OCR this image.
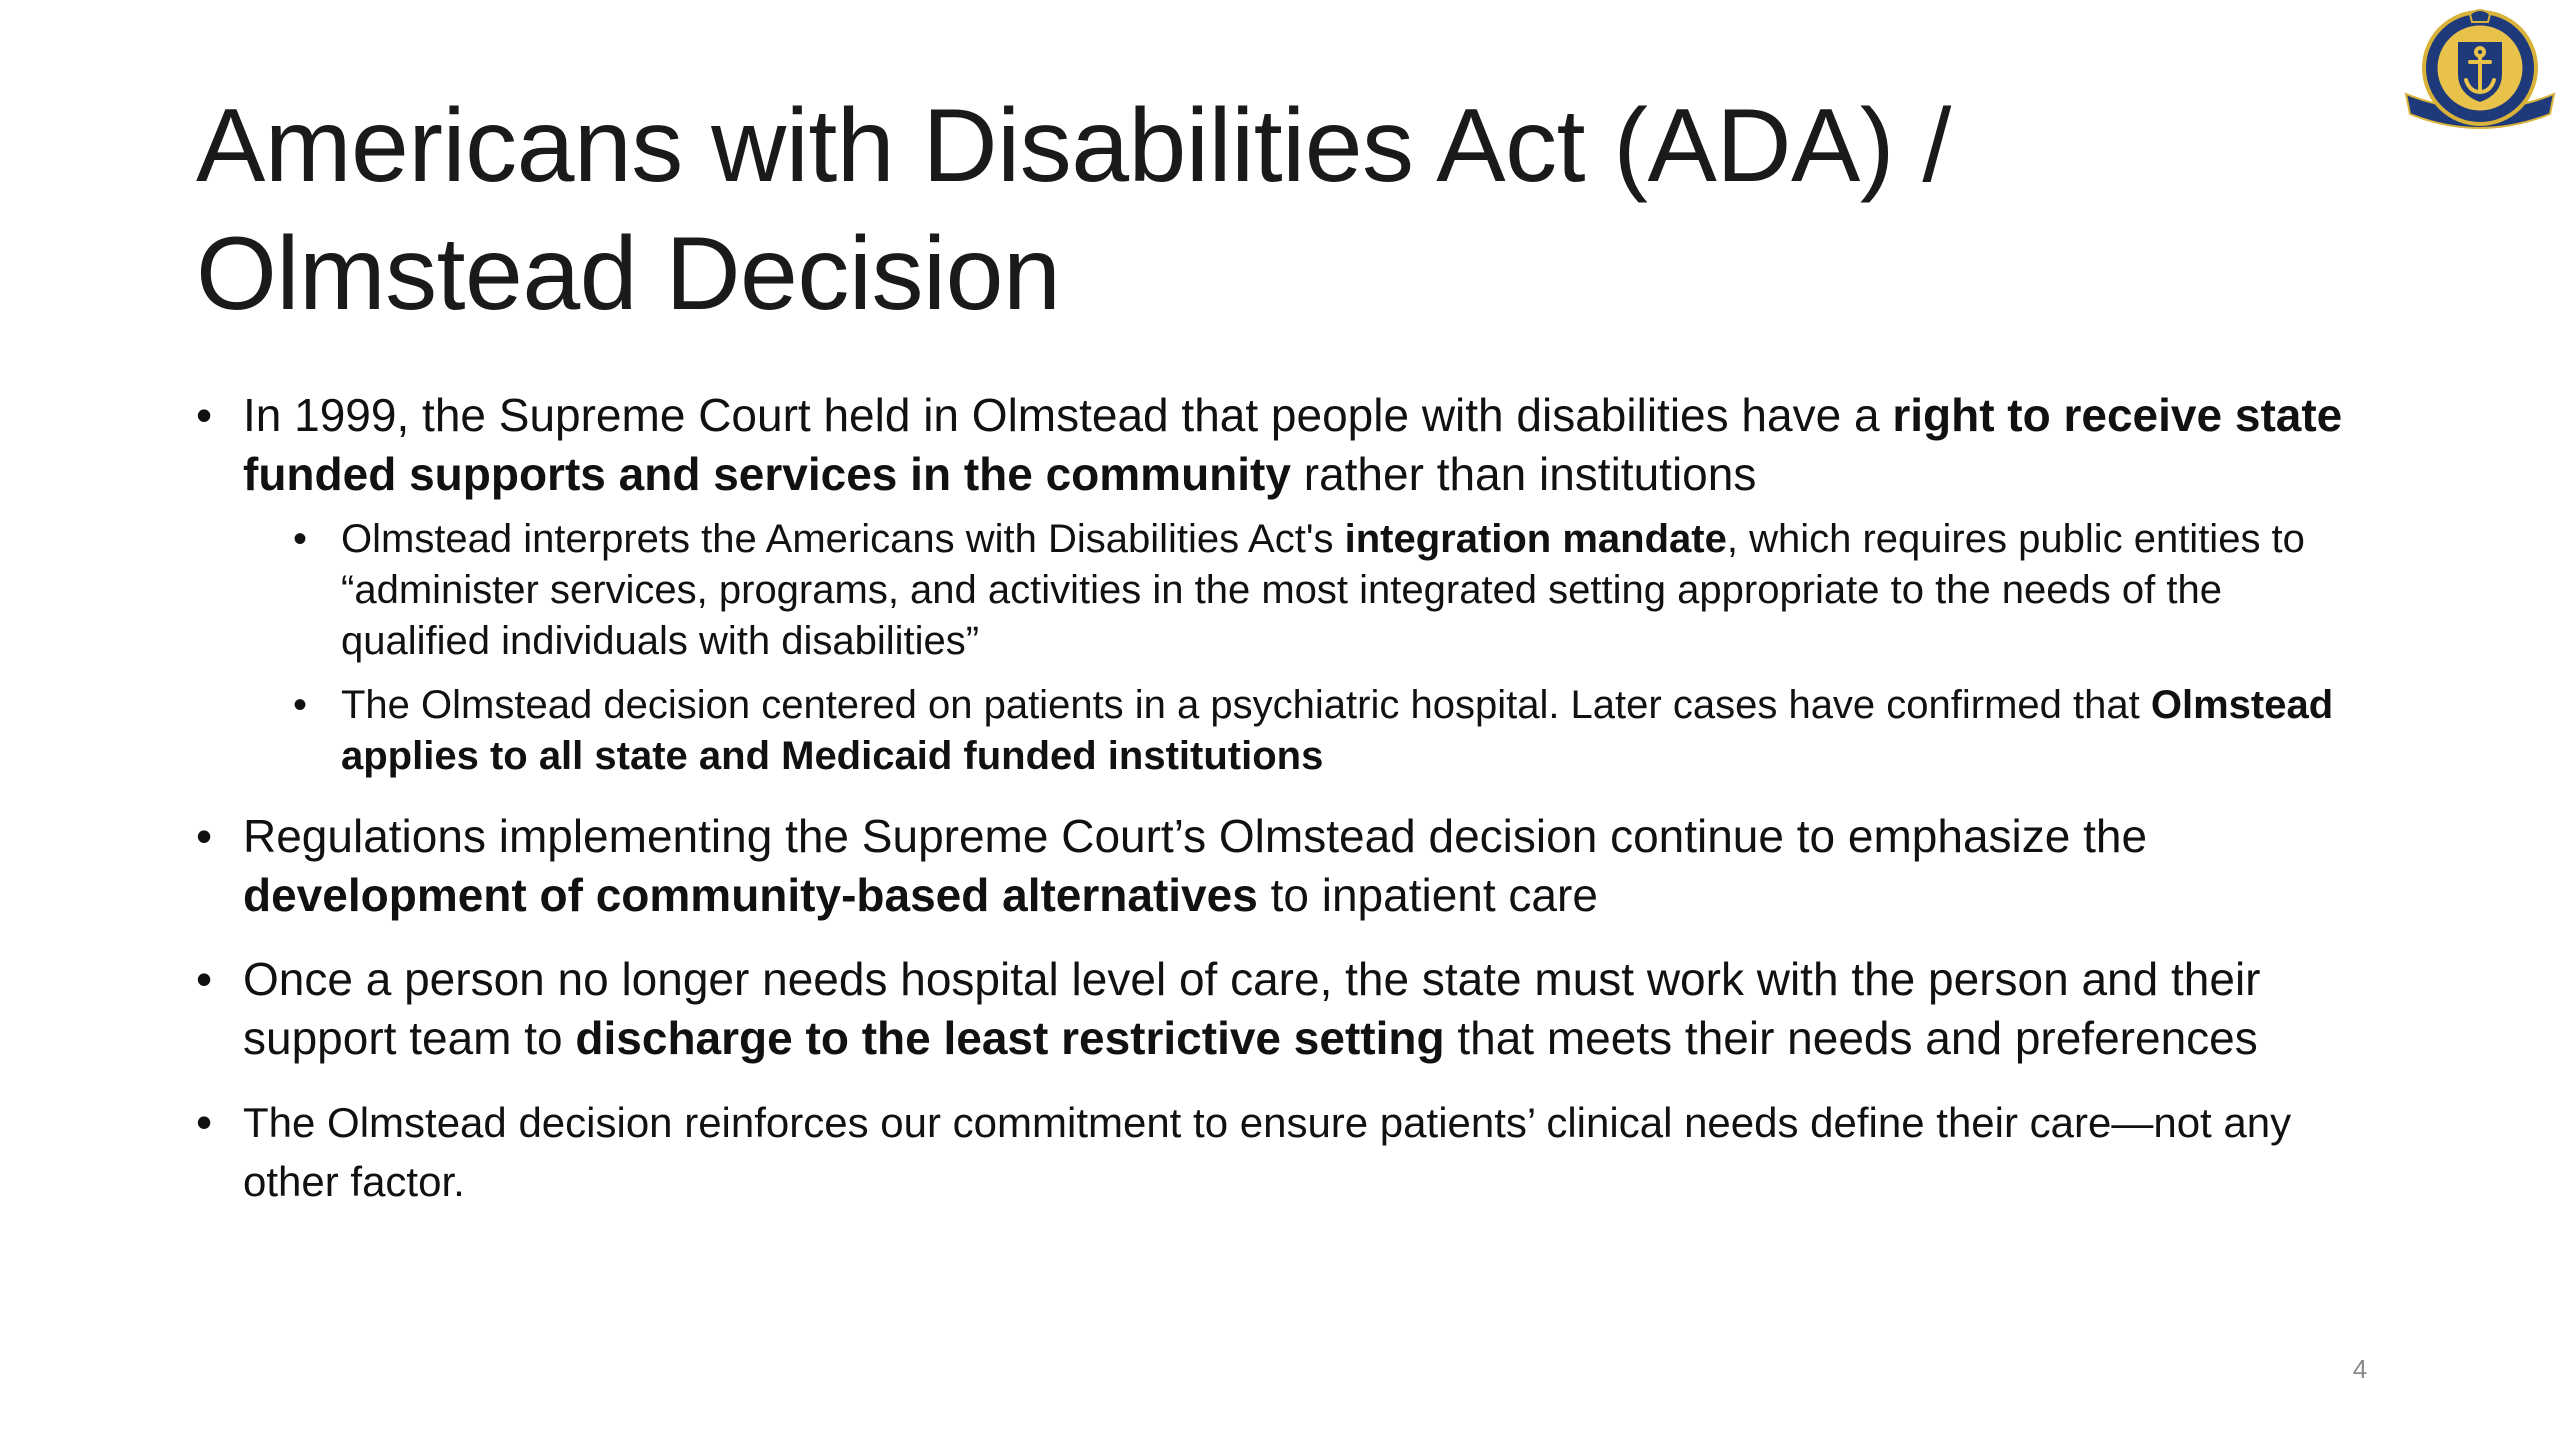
Americans with Disabilities Act (ADA) /
Olmstead Decision
• In 1999, the Supreme Court held in Olmstead that people with disabilities have a right to receive state funded supports and services in the community rather than institutions
• Olmstead interprets the Americans with Disabilities Act's integration mandate, which requires public entities to “administer services, programs, and activities in the most integrated setting appropriate to the needs of the qualified individuals with disabilities”
• The Olmstead decision centered on patients in a psychiatric hospital. Later cases have confirmed that Olmstead applies to all state and Medicaid funded institutions
• Regulations implementing the Supreme Court’s Olmstead decision continue to emphasize the development of community-based alternatives to inpatient care
• Once a person no longer needs hospital level of care, the state must work with the person and their support team to discharge to the least restrictive setting that meets their needs and preferences
• The Olmstead decision reinforces our commitment to ensure patients’ clinical needs define their care—not any other factor.
4
